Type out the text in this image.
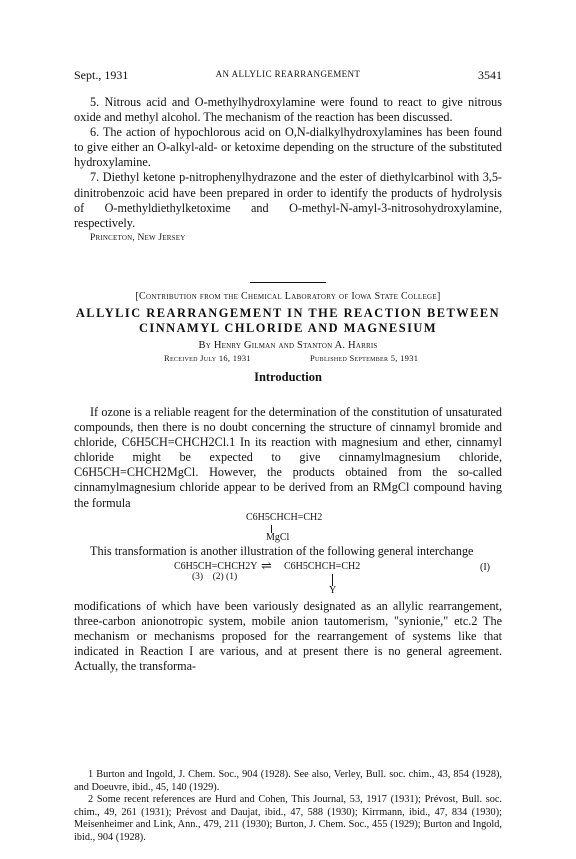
Sept., 1931	AN ALLYLIC REARRANGEMENT	3541

5. Nitrous acid and O-methylhydroxylamine were found to react to give nitrous oxide and methyl alcohol. The mechanism of the reaction has been discussed.

6. The action of hypochlorous acid on O,N-dialkylhydroxylamines has been found to give either an O-alkyl-ald- or ketoxime depending on the structure of the substituted hydroxylamine.

7. Diethyl ketone p-nitrophenylhydrazone and the ester of diethylcarbinol with 3,5-dinitrobenzoic acid have been prepared in order to identify the products of hydrolysis of O-methyldiethylketoxime and O-methyl-N-amyl-3-nitrosohydroxylamine, respectively.

Princeton, New Jersey
[Contribution from the Chemical Laboratory of Iowa State College]
ALLYLIC REARRANGEMENT IN THE REACTION BETWEEN
CINNAMYL CHLORIDE AND MAGNESIUM
By Henry Gilman and Stanton A. Harris
Received July 16, 1931	Published September 5, 1931
Introduction

If ozone is a reliable reagent for the determination of the constitution of unsaturated compounds, then there is no doubt concerning the structure of cinnamyl bromide and chloride, C6H5CH=CHCH2Cl.1 In its reaction with magnesium and ether, cinnamyl chloride might be expected to give cinnamylmagnesium chloride, C6H5CH=CHCH2MgCl. However, the products obtained from the so-called cinnamylmagnesium chloride appear to be derived from an RMgCl compound having the formula

C6H5CHCH=CH2
MgCl

This transformation is another illustration of the following general interchange

C6H5CH=CHCH2Y ⇌ C6H5CHCH=CH2
(3)    (2) (1)
Y
(I)

modifications of which have been variously designated as an allylic rearrangement, three-carbon anionotropic system, mobile anion tautomerism, "synionie," etc.2 The mechanism or mechanisms proposed for the rearrangement of systems like that indicated in Reaction I are various, and at present there is no general agreement. Actually, the transforma-

1 Burton and Ingold, J. Chem. Soc., 904 (1928). See also, Verley, Bull. soc. chim., 43, 854 (1928), and Doeuvre, ibid., 45, 140 (1929).

2 Some recent references are Hurd and Cohen, This Journal, 53, 1917 (1931); Prévost, Bull. soc. chim., 49, 261 (1931); Prévost and Daujat, ibid., 47, 588 (1930); Kirrmann, ibid., 47, 834 (1930); Meisenheimer and Link, Ann., 479, 211 (1930); Burton, J. Chem. Soc., 455 (1929); Burton and Ingold, ibid., 904 (1928).
